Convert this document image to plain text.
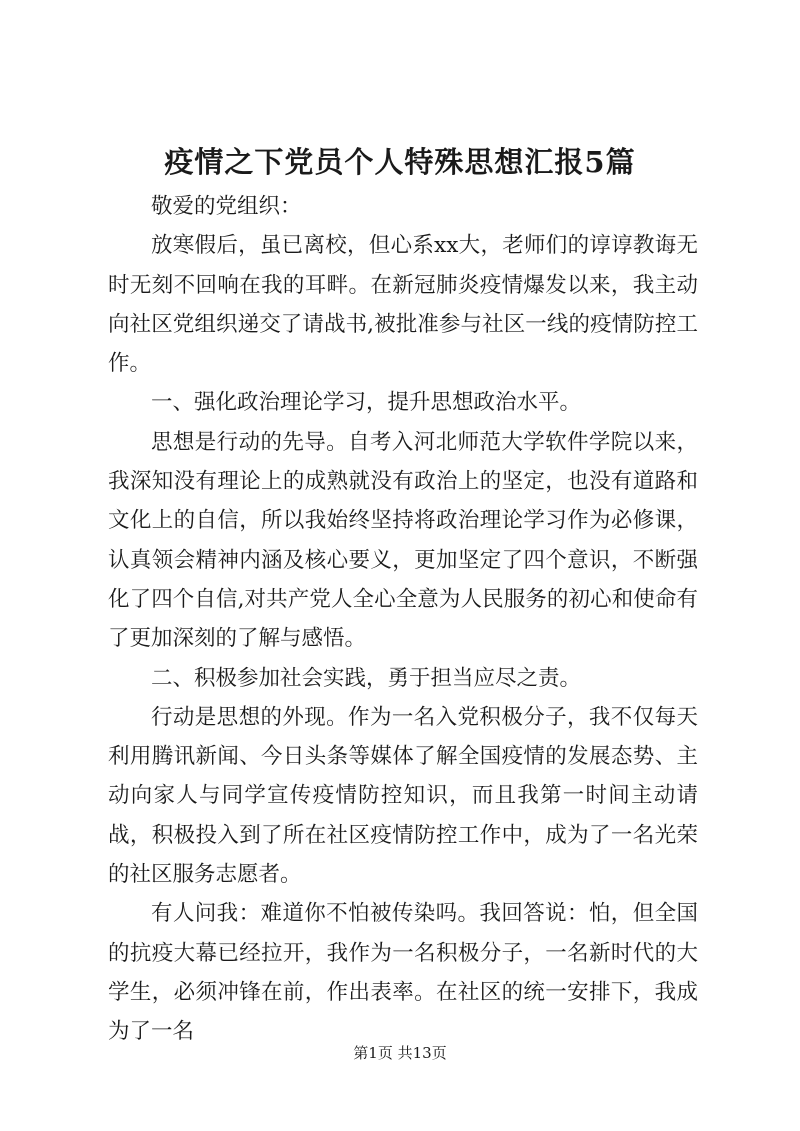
疫情之下党员个人特殊思想汇报5篇

敬爱的党组织：

放寒假后，虽已离校，但心系xx大，老师们的谆谆教诲无时无刻不回响在我的耳畔。在新冠肺炎疫情爆发以来，我主动向社区党组织递交了请战书,被批准参与社区一线的疫情防控工作。

一、强化政治理论学习，提升思想政治水平。

思想是行动的先导。自考入河北师范大学软件学院以来，我深知没有理论上的成熟就没有政治上的坚定，也没有道路和文化上的自信，所以我始终坚持将政治理论学习作为必修课，认真领会精神内涵及核心要义，更加坚定了四个意识，不断强化了四个自信,对共产党人全心全意为人民服务的初心和使命有了更加深刻的了解与感悟。

二、积极参加社会实践，勇于担当应尽之责。

行动是思想的外现。作为一名入党积极分子，我不仅每天利用腾讯新闻、今日头条等媒体了解全国疫情的发展态势、主动向家人与同学宣传疫情防控知识，而且我第一时间主动请战，积极投入到了所在社区疫情防控工作中，成为了一名光荣的社区服务志愿者。

有人问我：难道你不怕被传染吗。我回答说：怕，但全国的抗疫大幕已经拉开，我作为一名积极分子，一名新时代的大学生，必须冲锋在前，作出表率。在社区的统一安排下，我成为了一名

第1页 共13页
